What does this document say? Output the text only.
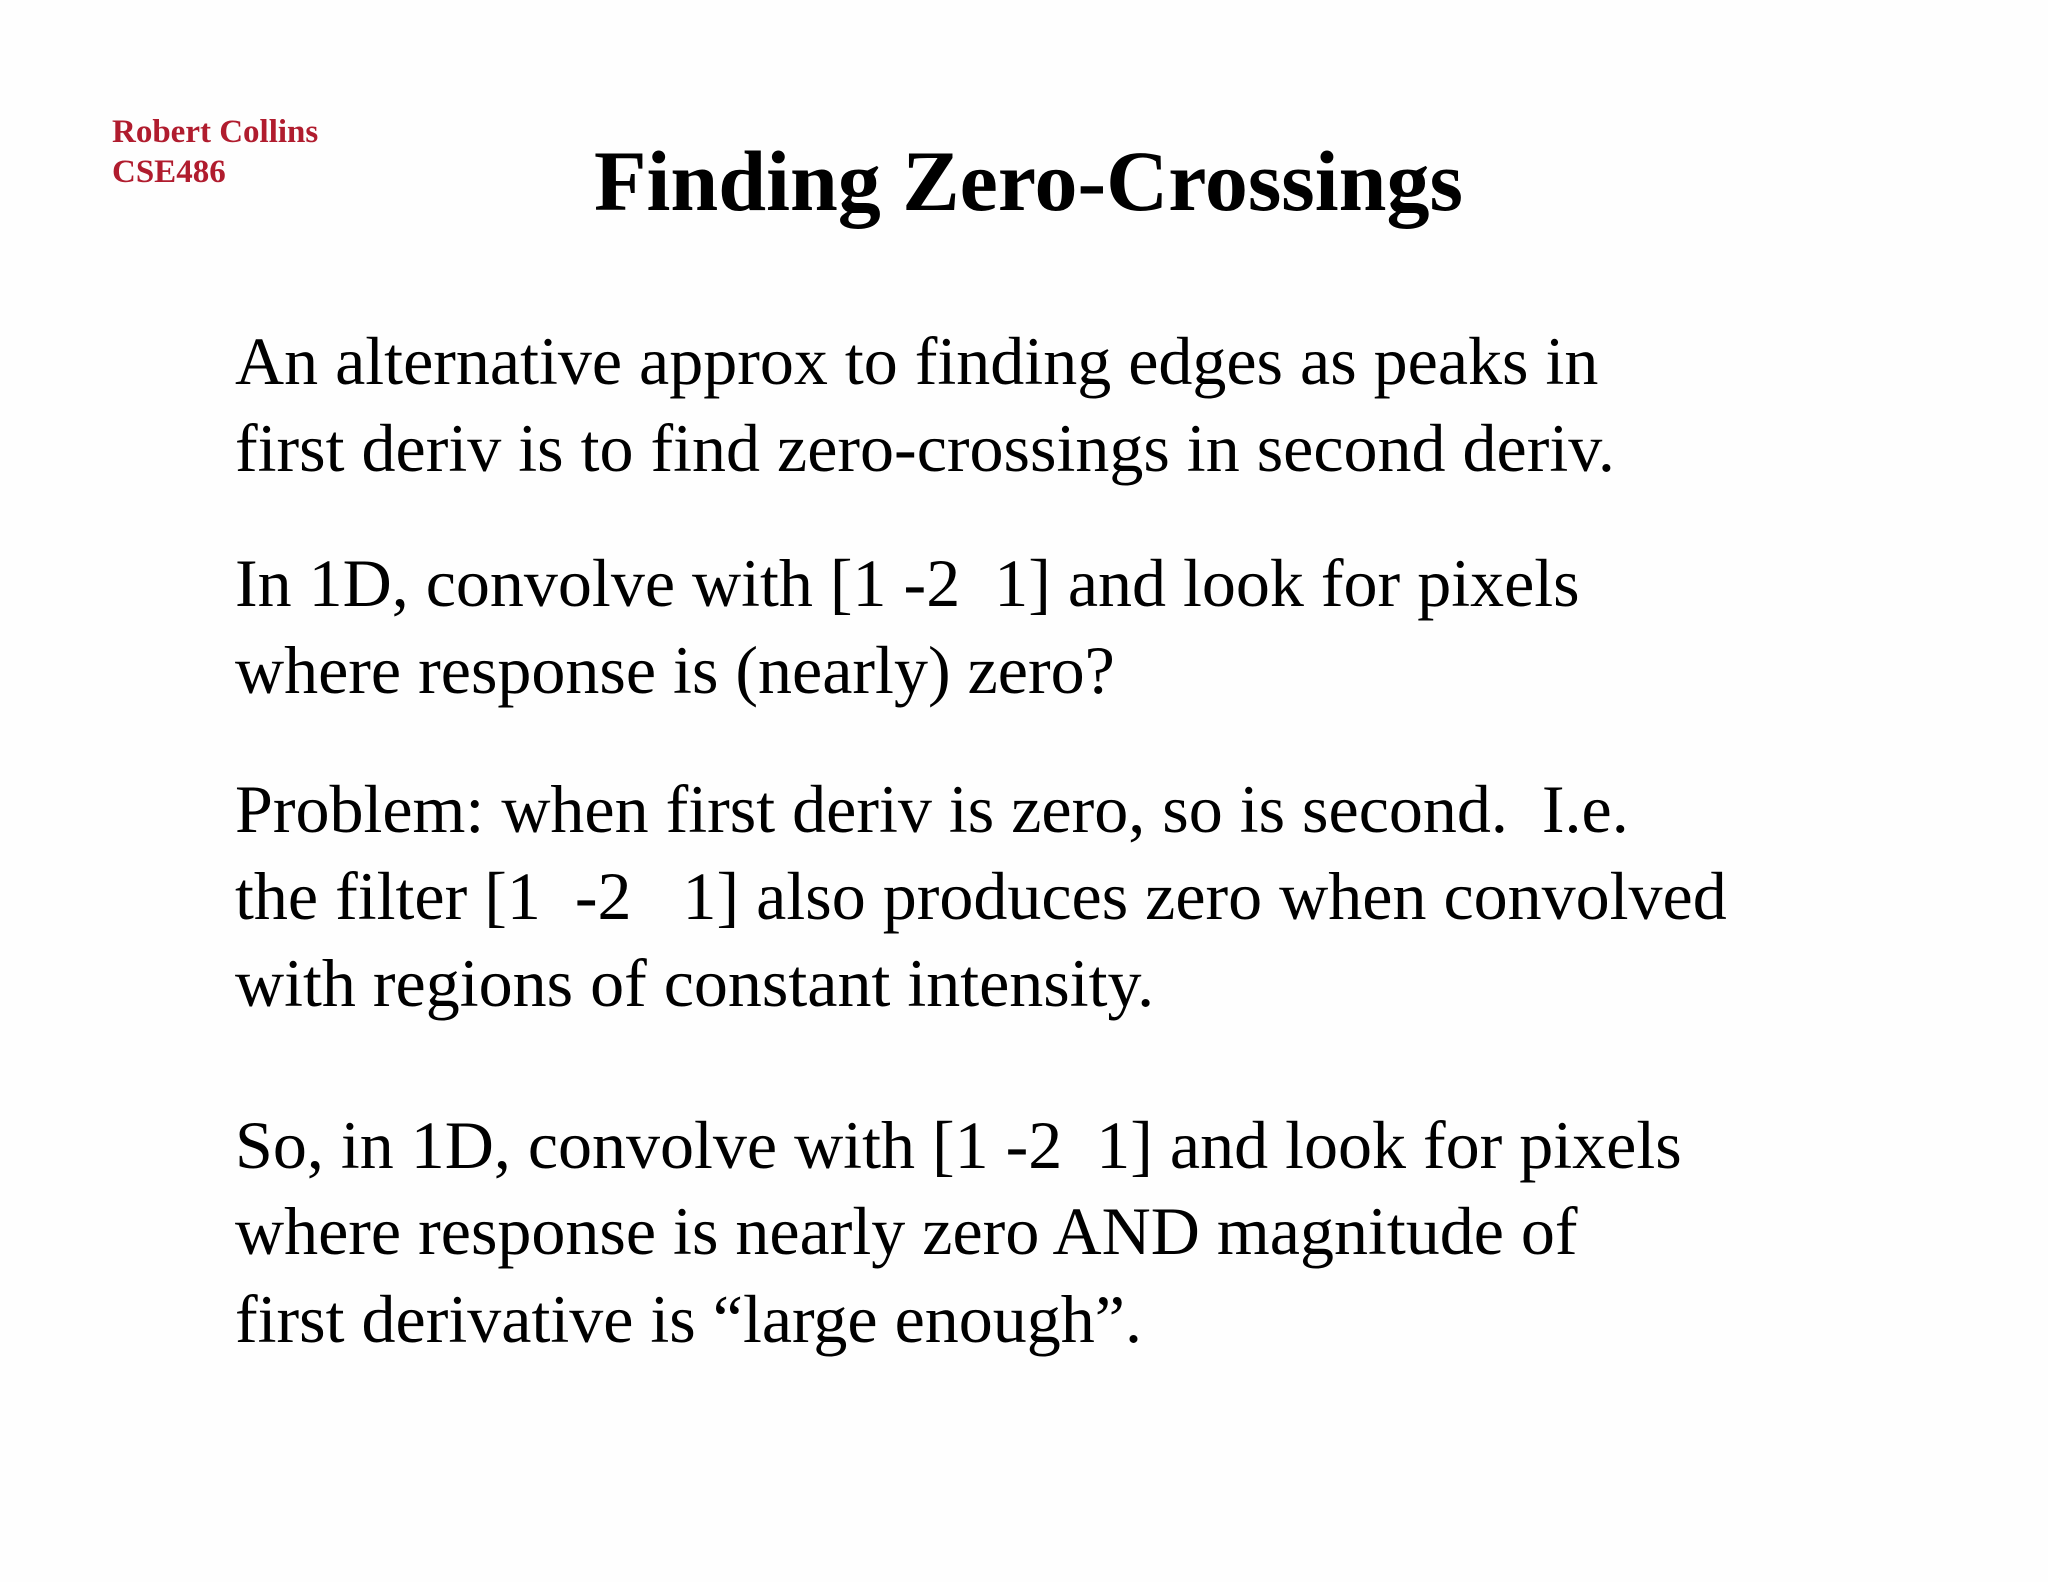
Robert Collins
CSE486	Finding Zero-Crossings
An alternative approx to finding edges as peaks in
first deriv is to find zero-crossings in second deriv.
In 1D, convolve with [1 -2  1] and look for pixels
where response is (nearly) zero?
Problem: when first deriv is zero, so is second.  I.e.
the filter [1  -2   1] also produces zero when convolved
with regions of constant intensity.
So, in 1D, convolve with [1 -2  1] and look for pixels
where response is nearly zero AND magnitude of
first derivative is “large enough”.
